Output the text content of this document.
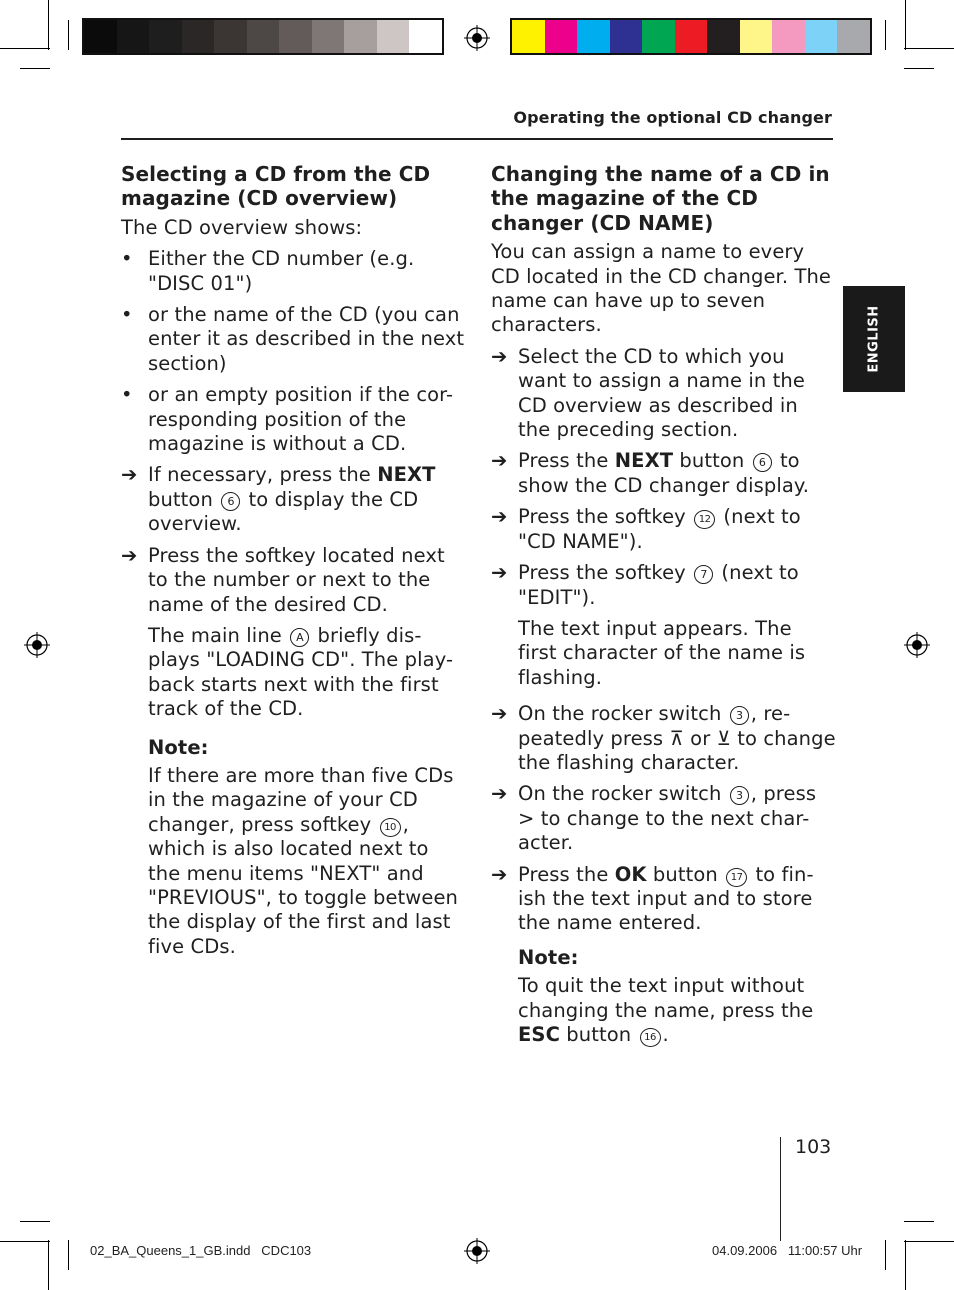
Operating the optional CD changer
ENGLISH
Selecting a CD from the CD magazine (CD overview)
The CD overview shows:
• Either the CD number (e.g. "DISC 01")
• or the name of the CD (you can enter it as described in the next section)
• or an empty position if the cor-responding position of the magazine is without a CD.
➔ If necessary, press the NEXT button 6 to display the CD overview.
➔ Press the softkey located next to the number or next to the name of the desired CD.
The main line A briefly dis-plays "LOADING CD". The play-back starts next with the first track of the CD.
Note:
If there are more than five CDs in the magazine of your CD changer, press softkey 10 , which is also located next to the menu items "NEXT" and "PREVIOUS", to toggle between the display of the first and last five CDs.
Changing the name of a CD in the magazine of the CD changer (CD NAME)
You can assign a name to every CD located in the CD changer. The name can have up to seven characters.
➔ Select the CD to which you want to assign a name in the CD overview as described in the preceding section.
➔ Press the NEXT button 6 to show the CD changer display.
➔ Press the softkey 12 (next to "CD NAME").
➔ Press the softkey 7 (next to "EDIT").
The text input appears. The first character of the name is flashing.
➔ On the rocker switch 3 , re-peatedly press ⊼ or ⊻ to change the flashing character.
➔ On the rocker switch 3 , press > to change to the next char-acter.
➔ Press the OK button 17 to fin-ish the text input and to store the name entered.
Note:
To quit the text input without changing the name, press the ESC button 16 .
103
02_BA_Queens_1_GB.indd   CDC103	04.09.2006   11:00:57 Uhr
